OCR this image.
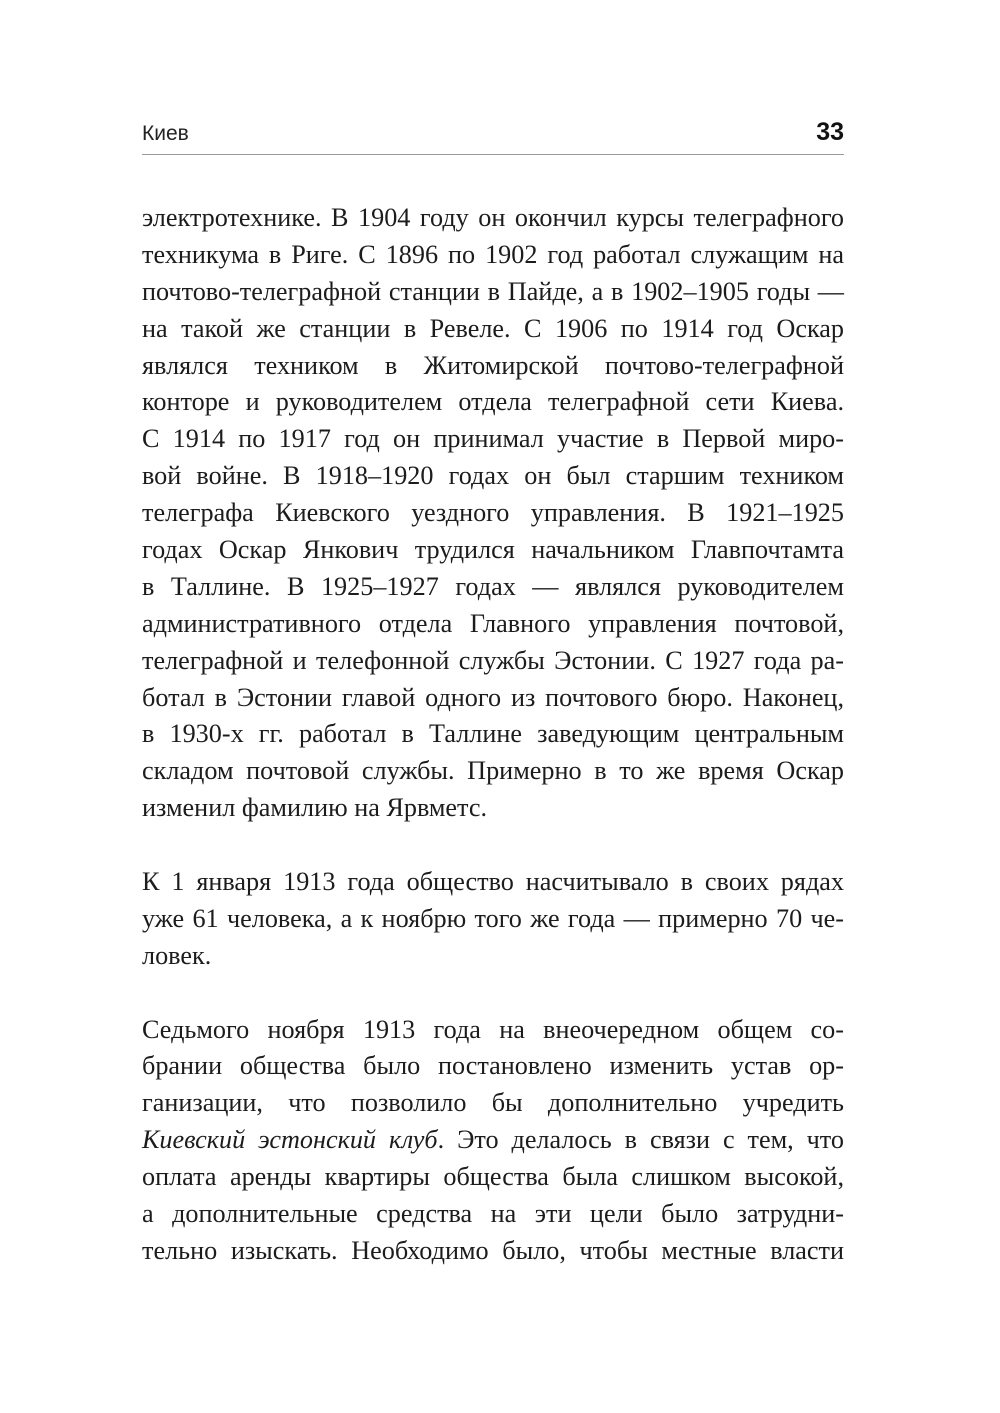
Киев	33
электротехнике. В 1904 году он окончил курсы телеграфного
техникума в Риге. С 1896 по 1902 год работал служащим на
почтово-телеграфной станции в Пайде, а в 1902–1905 годы —
на такой же станции в Ревеле. С 1906 по 1914 год Оскар
являлся техником в Житомирской почтово-телеграфной
конторе и руководителем отдела телеграфной сети Киева.
С 1914 по 1917 год он принимал участие в Первой миро-
вой войне. В 1918–1920 годах он был старшим техником
телеграфа Киевского уездного управления. В 1921–1925
годах Оскар Янкович трудился начальником Главпочтамта
в Таллине. В 1925–1927 годах — являлся руководителем
административного отдела Главного управления почтовой,
телеграфной и телефонной службы Эстонии. С 1927 года ра-
ботал в Эстонии главой одного из почтового бюро. Наконец,
в 1930-х гг. работал в Таллине заведующим центральным
складом почтовой службы. Примерно в то же время Оскар
изменил фамилию на Ярвметс.
К 1 января 1913 года общество насчитывало в своих рядах
уже 61 человека, а к ноябрю того же года — примерно 70 че-
ловек.
Седьмого ноября 1913 года на внеочередном общем со-
брании общества было постановлено изменить устав ор-
ганизации, что позволило бы дополнительно учредить
Киевский эстонский клуб. Это делалось в связи с тем, что
оплата аренды квартиры общества была слишком высокой,
а дополнительные средства на эти цели было затрудни-
тельно изыскать. Необходимо было, чтобы местные власти
